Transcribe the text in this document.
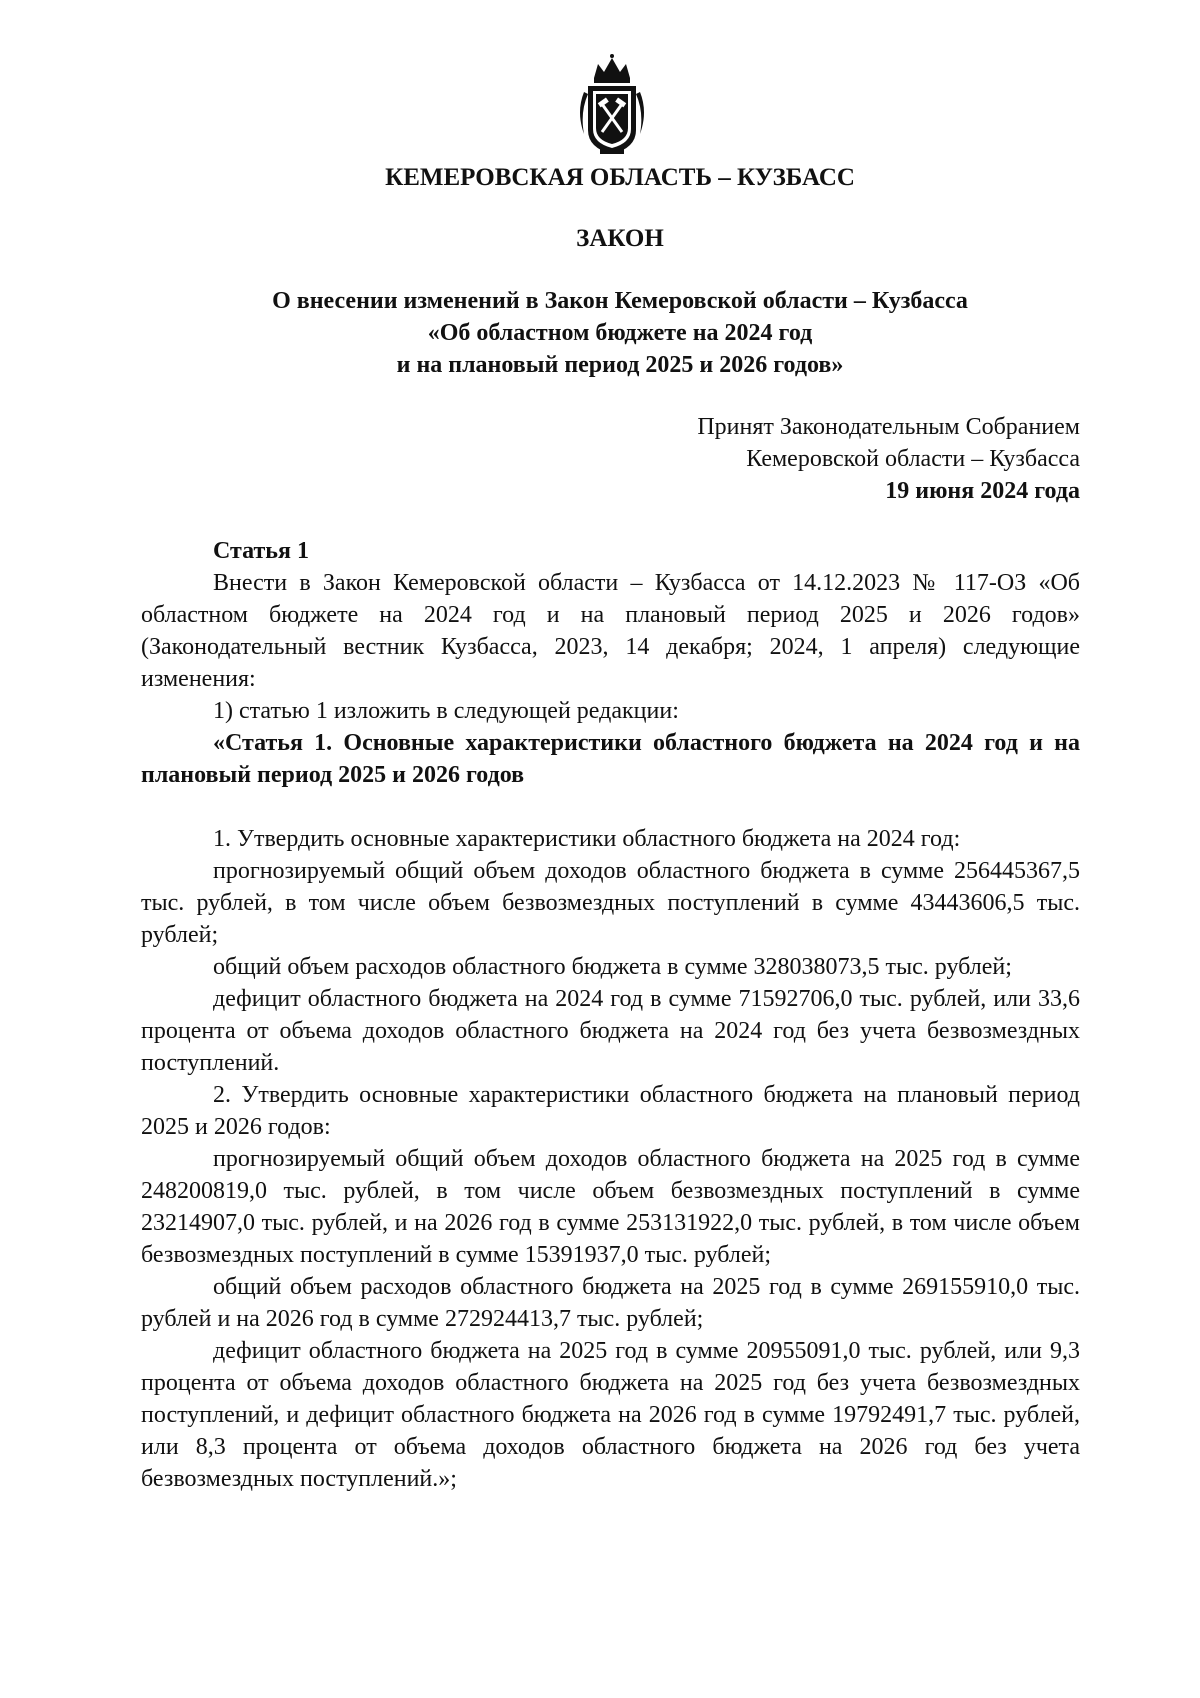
КЕМЕРОВСКАЯ ОБЛАСТЬ – КУЗБАСС
ЗАКОН
О внесении изменений в Закон Кемеровской области – Кузбасса
«Об областном бюджете на 2024 год
и на плановый период 2025 и 2026 годов»
Принят Законодательным Собранием
Кемеровской области – Кузбасса
19 июня 2024 года

Статья 1

Внести в Закон Кемеровской области – Кузбасса от 14.12.2023 № 117-ОЗ «Об областном бюджете на 2024 год и на плановый период 2025 и 2026 годов» (Законодательный вестник Кузбасса, 2023, 14 декабря; 2024, 1 апреля) следующие изменения:

1) статью 1 изложить в следующей редакции:

«Статья 1. Основные характеристики областного бюджета на 2024 год и на плановый период 2025 и 2026 годов

1. Утвердить основные характеристики областного бюджета на 2024 год:

прогнозируемый общий объем доходов областного бюджета в сумме 256445367,5 тыс. рублей, в том числе объем безвозмездных поступлений в сумме 43443606,5 тыс. рублей;

общий объем расходов областного бюджета в сумме 328038073,5 тыс. рублей;

дефицит областного бюджета на 2024 год в сумме 71592706,0 тыс. рублей, или 33,6 процента от объема доходов областного бюджета на 2024 год без учета безвозмездных поступлений.

2. Утвердить основные характеристики областного бюджета на плановый период 2025 и 2026 годов:

прогнозируемый общий объем доходов областного бюджета на 2025 год в сумме 248200819,0 тыс. рублей, в том числе объем безвозмездных поступлений в сумме 23214907,0 тыс. рублей, и на 2026 год в сумме 253131922,0 тыс. рублей, в том числе объем безвозмездных поступлений в сумме 15391937,0 тыс. рублей;

общий объем расходов областного бюджета на 2025 год в сумме 269155910,0 тыс. рублей и на 2026 год в сумме 272924413,7 тыс. рублей;

дефицит областного бюджета на 2025 год в сумме 20955091,0 тыс. рублей, или 9,3 процента от объема доходов областного бюджета на 2025 год без учета безвозмездных поступлений, и дефицит областного бюджета на 2026 год в сумме 19792491,7 тыс. рублей, или 8,3 процента от объема доходов областного бюджета на 2026 год без учета безвозмездных поступлений.»;
